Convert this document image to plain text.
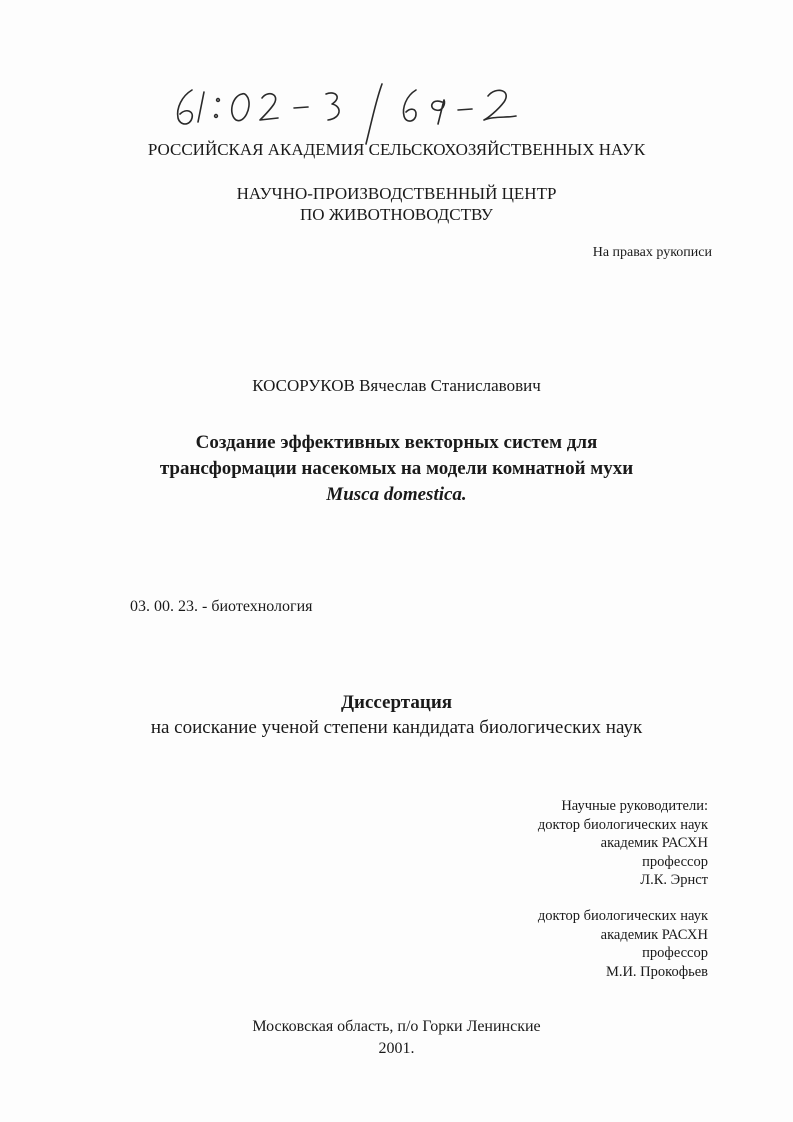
РОССИЙСКАЯ АКАДЕМИЯ СЕЛЬСКОХОЗЯЙСТВЕННЫХ НАУК
НАУЧНО-ПРОИЗВОДСТВЕННЫЙ ЦЕНТР
ПО ЖИВОТНОВОДСТВУ
На правах рукописи
КОСОРУКОВ Вячеслав Станиславович
Создание эффективных векторных систем для
трансформации насекомых на модели комнатной мухи
Musca domestica.
03. 00. 23. - биотехнология
Диссертация
на соискание ученой степени кандидата биологических наук
Научные руководители:
доктор биологических наук
академик РАСХН
профессор
Л.К. Эрнст
доктор биологических наук
академик РАСХН
профессор
М.И. Прокофьев
Московская область, п/о Горки Ленинские
2001.
